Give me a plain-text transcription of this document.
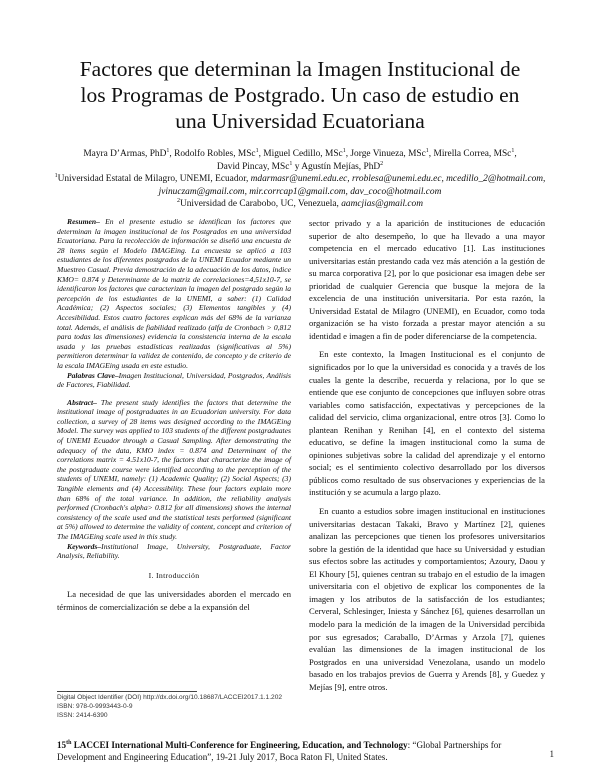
Factores que determinan la Imagen Institucional de
los Programas de Postgrado. Un caso de estudio en
una Universidad Ecuatoriana
Mayra D’Armas, PhD$^1$, Rodolfo Robles, MSc$^1$, Miguel Cedillo, MSc$^1$, Jorge Vinueza, MSc$^1$, Mirella Correa, MSc$^1$,
David Pincay, MSc$^1$ y Agustín Mejías, PhD$^2$
$^1$Universidad Estatal de Milagro, UNEMI, Ecuador, mdarmasr@unemi.edu.ec, rroblesa@unemi.edu.ec, mcedillo_2@hotmail.com,
jvinuczam@gmail.com, mir.corrcap1@gmail.com, dav_coco@hotmail.com
$^2$Universidad de Carabobo, UC, Venezuela, aamcjias@gmail.com

Resumen– En el presente estudio se identifican los factores que determinan la imagen institucional de los Postgrados en una universidad Ecuatoriana. Para la recolección de información se diseñó una encuesta de 28 ítems según el Modelo IMAGEing. La encuesta se aplicó a 103 estudiantes de los diferentes postgrados de la UNEMI Ecuador mediante un Muestreo Casual. Previa demostración de la adecuación de los datos, índice KMO= 0.874 y Determinante de la matriz de correlaciones=4,51x10-7, se identificaron los factores que caracterizan la imagen del postgrado según la percepción de los estudiantes de la UNEMI, a saber: (1) Calidad Académica; (2) Aspectos sociales; (3) Elementos tangibles y (4) Accesibilidad. Estos cuatro factores explican más del 68% de la varianza total. Además, el análisis de fiabilidad realizado (alfa de Cronbach > 0,812 para todas las dimensiones) evidencia la consistencia interna de la escala usada y las pruebas estadísticas realizadas (significativas al 5%) permitieron determinar la validez de contenido, de concepto y de criterio de la escala IMAGEing usada en este estudio.

Palabras Clave–Imagen Institucional, Universidad, Postgrados, Análisis de Factores, Fiabilidad.

Abstract– The present study identifies the factors that determine the institutional image of postgraduates in an Ecuadorian university. For data collection, a survey of 28 items was designed according to the IMAGEing Model. The survey was applied to 103 students of the different postgraduates of UNEMI Ecuador through a Casual Sampling. After demonstrating the adequacy of the data, KMO index = 0.874 and Determinant of the correlations matrix = 4.51x10-7, the factors that characterize the image of the postgraduate course were identified according to the perception of the students of UNEMI, namely: (1) Academic Quality; (2) Social Aspects; (3) Tangible elements and (4) Accessibility. These four factors explain more than 68% of the total variance. In addition, the reliability analysis performed (Cronbach's alpha> 0.812 for all dimensions) shows the internal consistency of the scale used and the statistical tests performed (significant at 5%) allowed to determine the validity of content, concept and criterion of The IMAGEing scale used in this study.

Keywords–Institutional Image, University, Postgraduate, Factor Analysis, Reliability.

I. Introducción

La necesidad de que las universidades aborden el mercado en términos de comercialización se debe a la expansión del

sector privado y a la aparición de instituciones de educación superior de alto desempeño, lo que ha llevado a una mayor competencia en el mercado educativo [1]. Las instituciones universitarias están prestando cada vez más atención a la gestión de su marca corporativa [2], por lo que posicionar esa imagen debe ser prioridad de cualquier Gerencia que busque la mejora de la excelencia de una institución universitaria. Por esta razón, la Universidad Estatal de Milagro (UNEMI), en Ecuador, como toda organización se ha visto forzada a prestar mayor atención a su identidad e imagen a fin de poder diferenciarse de la competencia.

En este contexto, la Imagen Institucional es el conjunto de significados por lo que la universidad es conocida y a través de los cuales la gente la describe, recuerda y relaciona, por lo que se entiende que ese conjunto de concepciones que influyen sobre otras variables como satisfacción, expectativas y percepciones de la calidad del servicio, clima organizacional, entre otros [3]. Como lo plantean Renihan y Renihan [4], en el contexto del sistema educativo, se define la imagen institucional como la suma de opiniones subjetivas sobre la calidad del aprendizaje y el entorno social; es el sentimiento colectivo desarrollado por los diversos públicos como resultado de sus observaciones y experiencias de la institución y se acumula a largo plazo.

En cuanto a estudios sobre imagen institucional en instituciones universitarias destacan Takaki, Bravo y Martínez [2], quienes analizan las percepciones que tienen los profesores universitarios sobre la gestión de la identidad que hace su Universidad y estudian sus efectos sobre las actitudes y comportamientos; Azoury, Daou y El Khoury [5], quienes centran su trabajo en el estudio de la imagen universitaria con el objetivo de explicar los componentes de la imagen y los atributos de la satisfacción de los estudiantes; Cerveral, Schlesinger, Iniesta y Sánchez [6], quienes desarrollan un modelo para la medición de la imagen de la Universidad percibida por sus egresados; Caraballo, D’Armas y Arzola [7], quienes evalúan las dimensiones de la imagen institucional de los Postgrados en una universidad Venezolana, usando un modelo basado en los trabajos previos de Guerra y Arends [8], y Guedez y Mejías [9], entre otros.

Digital Object Identifier (DOI) http://dx.doi.org/10.18687/LACCEI2017.1.1.202
ISBN: 978-0-9993443-0-9
ISSN: 2414-6390
15th LACCEI International Multi-Conference for Engineering, Education, and Technology: “Global Partnerships for Development and Engineering Education”, 19-21 July 2017, Boca Raton Fl, United States.	1
